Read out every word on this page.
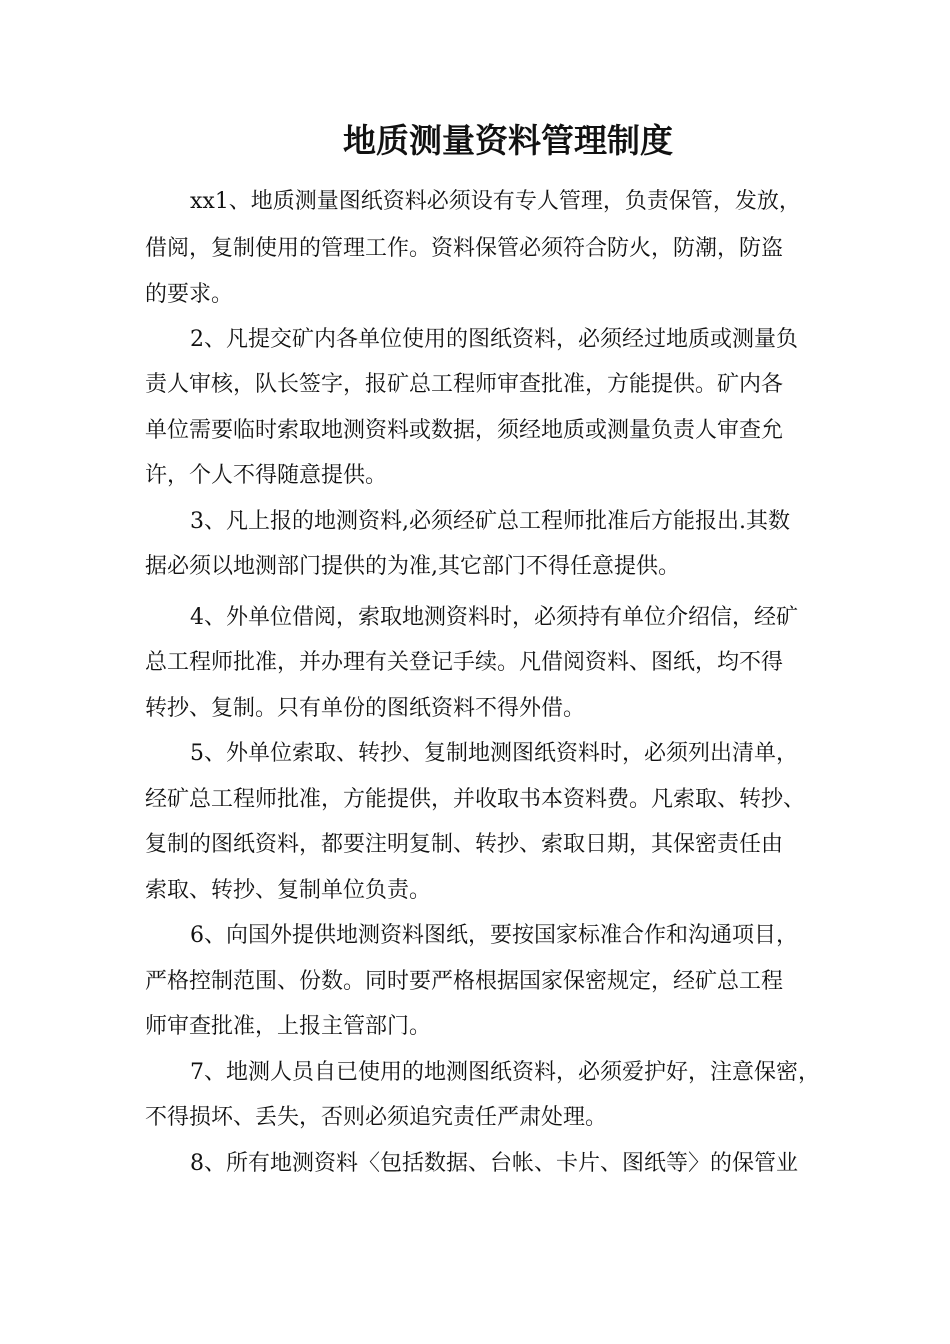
地质测量资料管理制度
xx1、地质测量图纸资料必须设有专人管理，负责保管，发放，
借阅，复制使用的管理工作。资料保管必须符合防火，防潮，防盗
的要求。
2、凡提交矿内各单位使用的图纸资料，必须经过地质或测量负
责人审核，队长签字，报矿总工程师审查批准，方能提供。矿内各
单位需要临时索取地测资料或数据，须经地质或测量负责人审查允
许，个人不得随意提供。
3、凡上报的地测资料,必须经矿总工程师批准后方能报出.其数
据必须以地测部门提供的为准,其它部门不得任意提供。
4、外单位借阅，索取地测资料时，必须持有单位介绍信，经矿
总工程师批准，并办理有关登记手续。凡借阅资料、图纸，均不得
转抄、复制。只有单份的图纸资料不得外借。
5、外单位索取、转抄、复制地测图纸资料时，必须列出清单，
经矿总工程师批准，方能提供，并收取书本资料费。凡索取、转抄、
复制的图纸资料，都要注明复制、转抄、索取日期，其保密责任由
索取、转抄、复制单位负责。
6、向国外提供地测资料图纸，要按国家标准合作和沟通项目，
严格控制范围、份数。同时要严格根据国家保密规定，经矿总工程
师审查批准，上报主管部门。
7、地测人员自已使用的地测图纸资料，必须爱护好，注意保密，
不得损坏、丢失，否则必须追究责任严肃处理。
8、所有地测资料〈包括数据、台帐、卡片、图纸等〉的保管业
